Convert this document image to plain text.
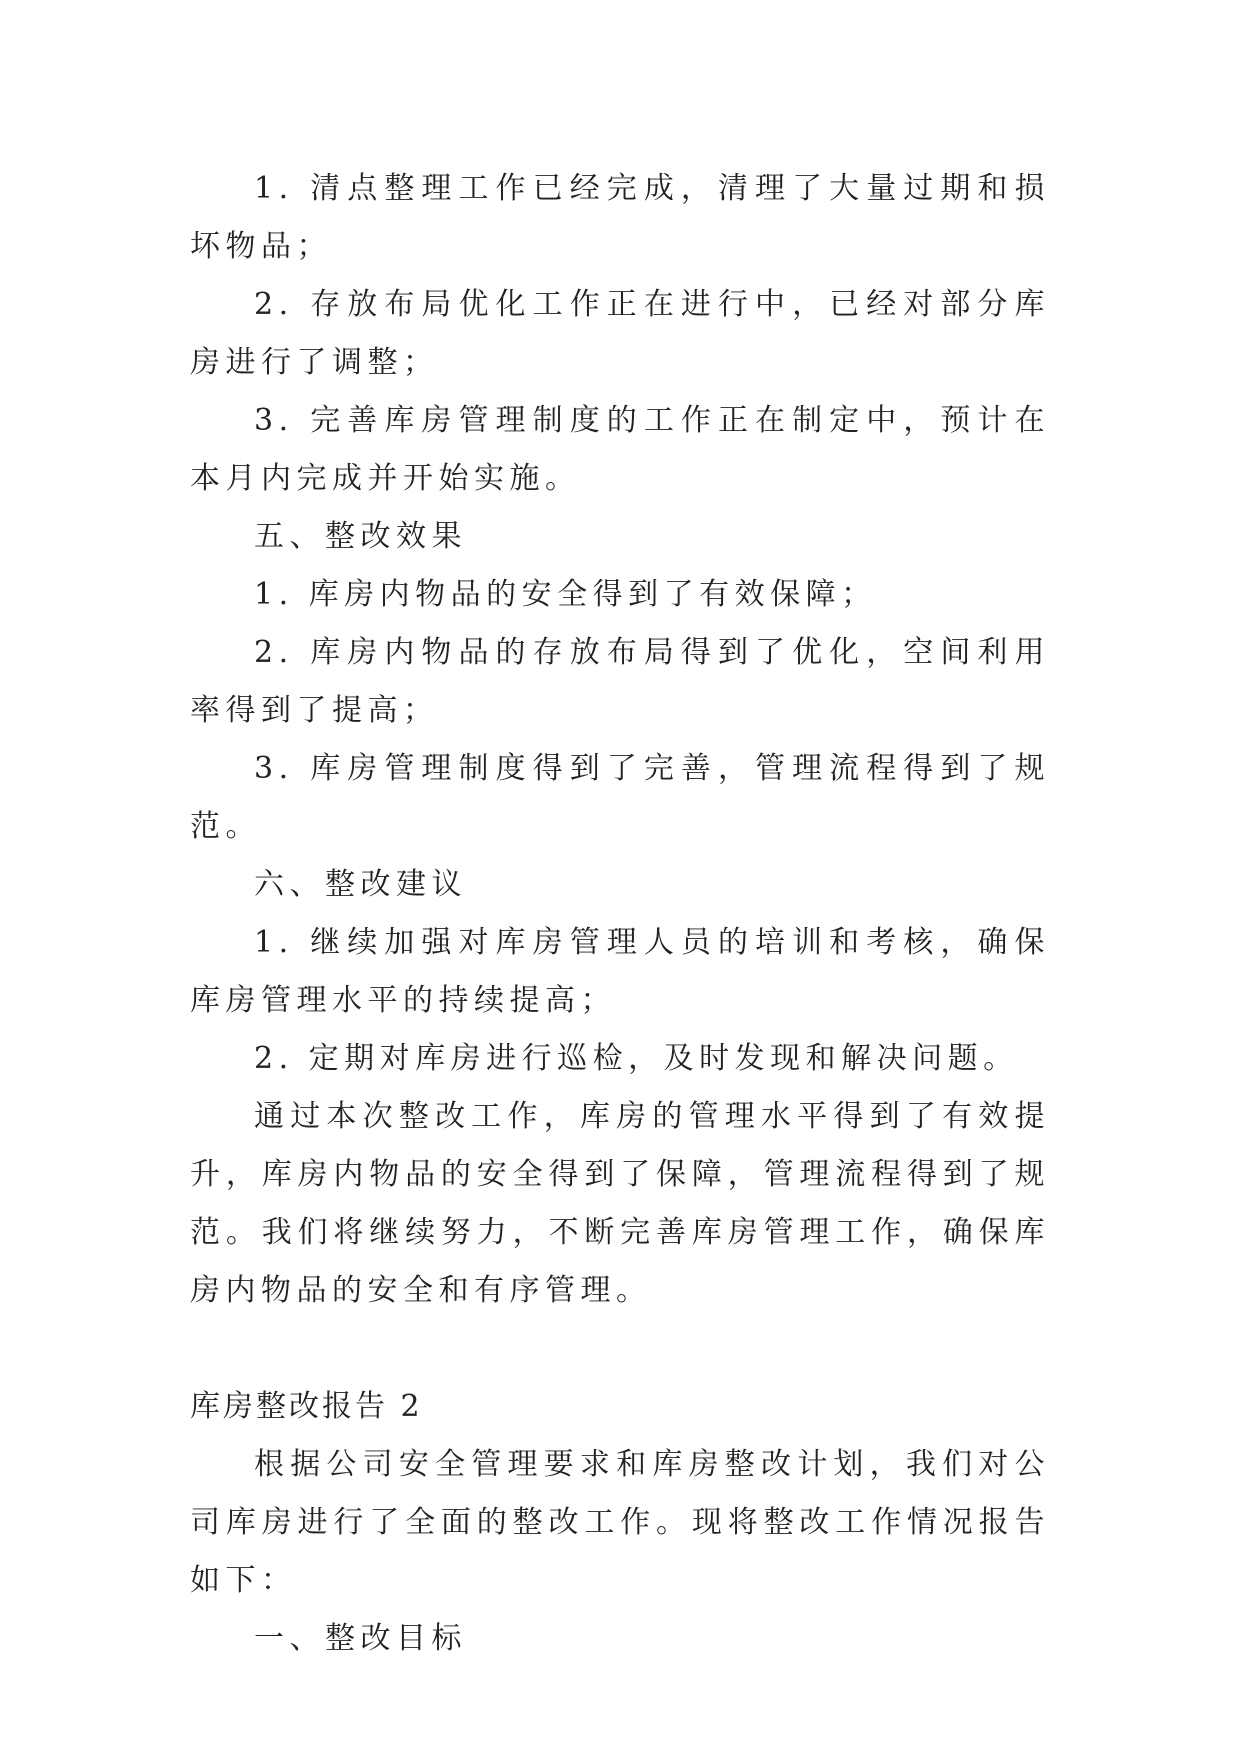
1. 清点整理工作已经完成，清理了大量过期和损坏物品；

2. 存放布局优化工作正在进行中，已经对部分库房进行了调整；

3. 完善库房管理制度的工作正在制定中，预计在本月内完成并开始实施。

五、整改效果

1. 库房内物品的安全得到了有效保障；

2. 库房内物品的存放布局得到了优化，空间利用率得到了提高；

3. 库房管理制度得到了完善，管理流程得到了规范。

六、整改建议

1. 继续加强对库房管理人员的培训和考核，确保库房管理水平的持续提高；

2. 定期对库房进行巡检，及时发现和解决问题。

通过本次整改工作，库房的管理水平得到了有效提升，库房内物品的安全得到了保障，管理流程得到了规范。我们将继续努力，不断完善库房管理工作，确保库房内物品的安全和有序管理。

库房整改报告 2

根据公司安全管理要求和库房整改计划，我们对公司库房进行了全面的整改工作。现将整改工作情况报告如下：

一、整改目标
